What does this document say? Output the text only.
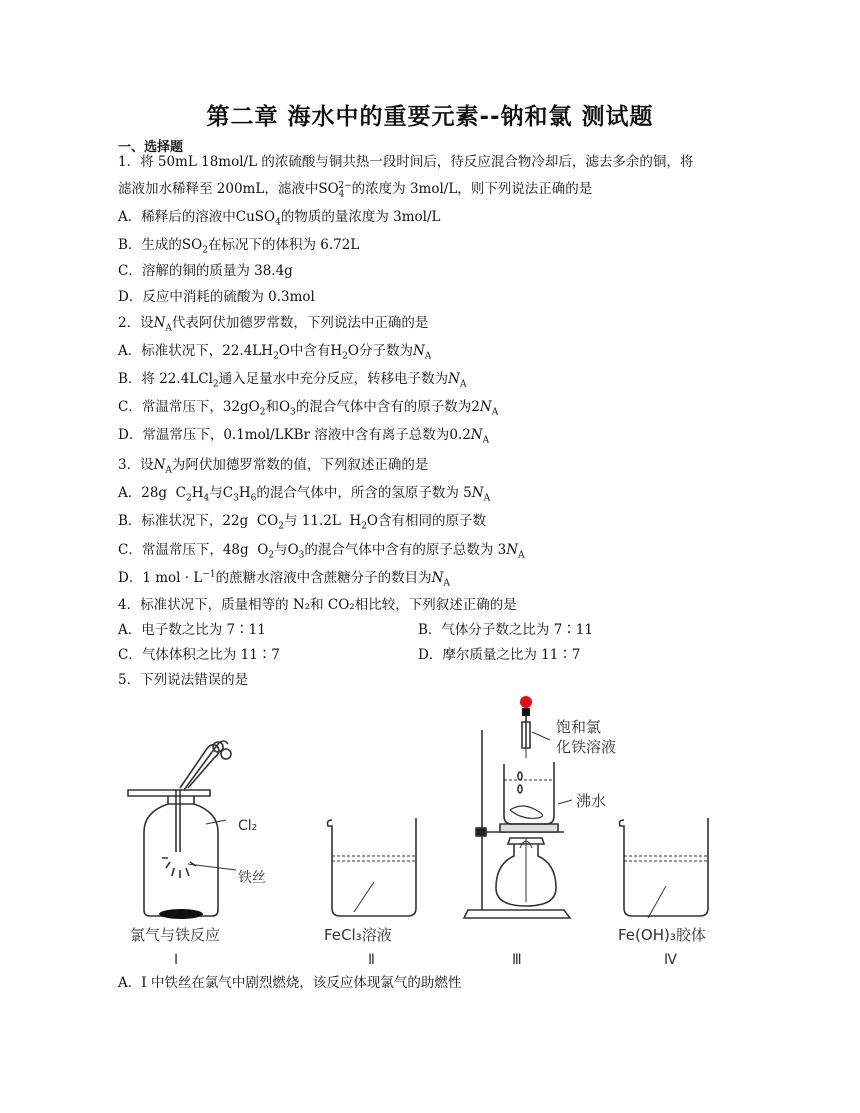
第二章 海水中的重要元素--钠和氯 测试题
一、选择题
1．将 50mL 18mol/L 的浓硫酸与铜共热一段时间后，待反应混合物冷却后，滤去多余的铜，将
滤液加水稀释至 200mL，滤液中$SO_4^{2-}$的浓度为 3mol/L，则下列说法正确的是
A．稀释后的溶液中CuSO$_4$的物质的量浓度为 3mol/L
B．生成的$SO_2$在标况下的体积为 6.72L
C．溶解的铜的质量为 38.4g
D．反应中消耗的硫酸为 0.3mol
2．设$N_A$代表阿伏加德罗常数，下列说法中正确的是
A．标准状况下，$22.4LH_2O$中含有$H_2O$分子数为$N_A$
B．将 22.4LCl$_2$通入足量水中充分反应，转移电子数为$N_A$
C．常温常压下，$32gO_2$和$O_3$的混合气体中含有的原子数为$2N_A$
D．常温常压下，0.1mol/LKBr 溶液中含有离子总数为$0.2N_A$
3．设$N_A$为阿伏加德罗常数的值，下列叙述正确的是
A．28g $C_2H_4$与$C_3H_6$的混合气体中，所含的氢原子数为 $5N_A$
B．标准状况下，22g $CO_2$与 11.2L $H_2O$含有相同的原子数
C．常温常压下，48g $O_2$与$O_3$的混合气体中含有的原子总数为 $3N_A$
D．1 mol · $L^{-1}$的蔗糖水溶液中含蔗糖分子的数目为$N_A$
4．标准状况下，质量相等的 N₂和 CO₂相比较，下列叙述正确的是
A．电子数之比为 7∶11	B．气体分子数之比为 7∶11
C．气体体积之比为 11∶7	D．摩尔质量之比为 11∶7
5．下列说法错误的是
Cl₂
铁丝
氯气与铁反应	FeCl₃溶液	Fe(OH)₃胶体
饱和氯
化铁溶液
沸水
Ⅰ	Ⅱ	Ⅲ	Ⅳ
A．I 中铁丝在氯气中剧烈燃烧，该反应体现氯气的助燃性
